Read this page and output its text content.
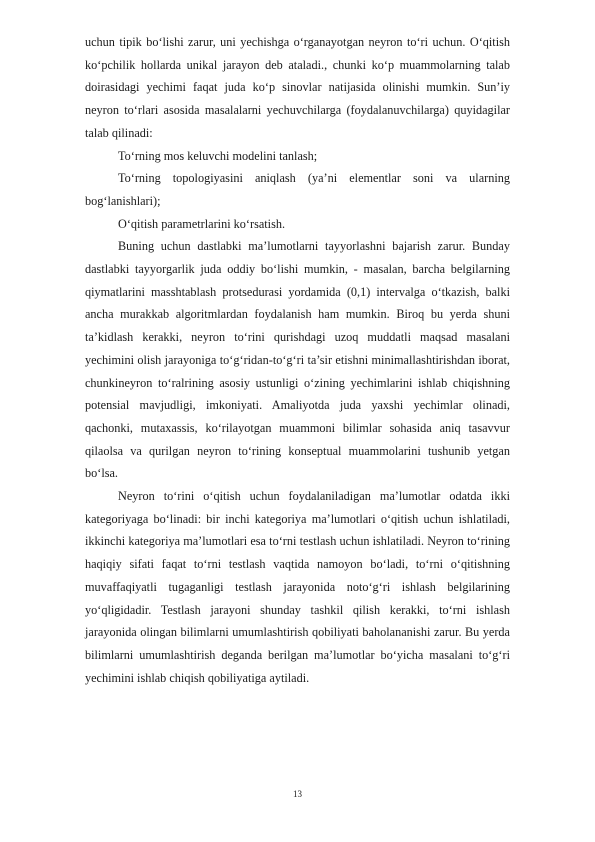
uchun tipik bo‘lishi zarur, uni yechishga o‘rganayotgan neyron to‘ri uchun. O‘qitish ko‘pchilik hollarda unikal jarayon deb ataladi., chunki ko‘p muammolarning talab doirasidagi yechimi faqat juda ko‘p sinovlar natijasida olinishi mumkin. Sun’iy neyron to‘rlari asosida masalalarni yechuvchilarga (foydalanuvchilarga) quyidagilar talab qilinadi:

To‘rning mos keluvchi modelini tanlash;

To‘rning topologiyasini aniqlash (ya’ni elementlar soni va ularning bog‘lanishlari);

O‘qitish parametrlarini ko‘rsatish.

Buning uchun dastlabki ma’lumotlarni tayyorlashni bajarish zarur. Bunday dastlabki tayyorgarlik juda oddiy bo‘lishi mumkin, - masalan, barcha belgilarning qiymatlarini masshtablash protsedurasi yordamida (0,1) intervalga o‘tkazish, balki ancha murakkab algoritmlardan foydalanish ham mumkin. Biroq bu yerda shuni ta’kidlash kerakki, neyron to‘rini qurishdagi uzoq muddatli maqsad masalani yechimini olish jarayoniga to‘g‘ridan-to‘g‘ri ta’sir etishni minimallashtirishdan iborat, chunkineyron to‘ralrining asosiy ustunligi o‘zining yechimlarini ishlab chiqishning potensial mavjudligi, imkoniyati. Amaliyotda juda yaxshi yechimlar olinadi, qachonki, mutaxassis, ko‘rilayotgan muammoni bilimlar sohasida aniq tasavvur qilaolsa va qurilgan neyron to‘rining konseptual muammolarini tushunib yetgan bo‘lsa.

Neyron to‘rini o‘qitish uchun foydalaniladigan ma’lumotlar odatda ikki kategoriyaga bo‘linadi: bir inchi kategoriya ma’lumotlari o‘qitish uchun ishlatiladi, ikkinchi kategoriya ma’lumotlari esa to‘rni testlash uchun ishlatiladi. Neyron to‘rining haqiqiy sifati faqat to‘rni testlash vaqtida namoyon bo‘ladi, to‘rni o‘qitishning muvaffaqiyatli tugaganligi testlash jarayonida noto‘g‘ri ishlash belgilarining yo‘qligidadir. Testlash jarayoni shunday tashkil qilish kerakki, to‘rni ishlash jarayonida olingan bilimlarni umumlashtirish qobiliyati baholananishi zarur. Bu yerda bilimlarni umumlashtirish deganda berilgan ma’lumotlar bo‘yicha masalani to‘g‘ri yechimini ishlab chiqish qobiliyatiga aytiladi.

13
